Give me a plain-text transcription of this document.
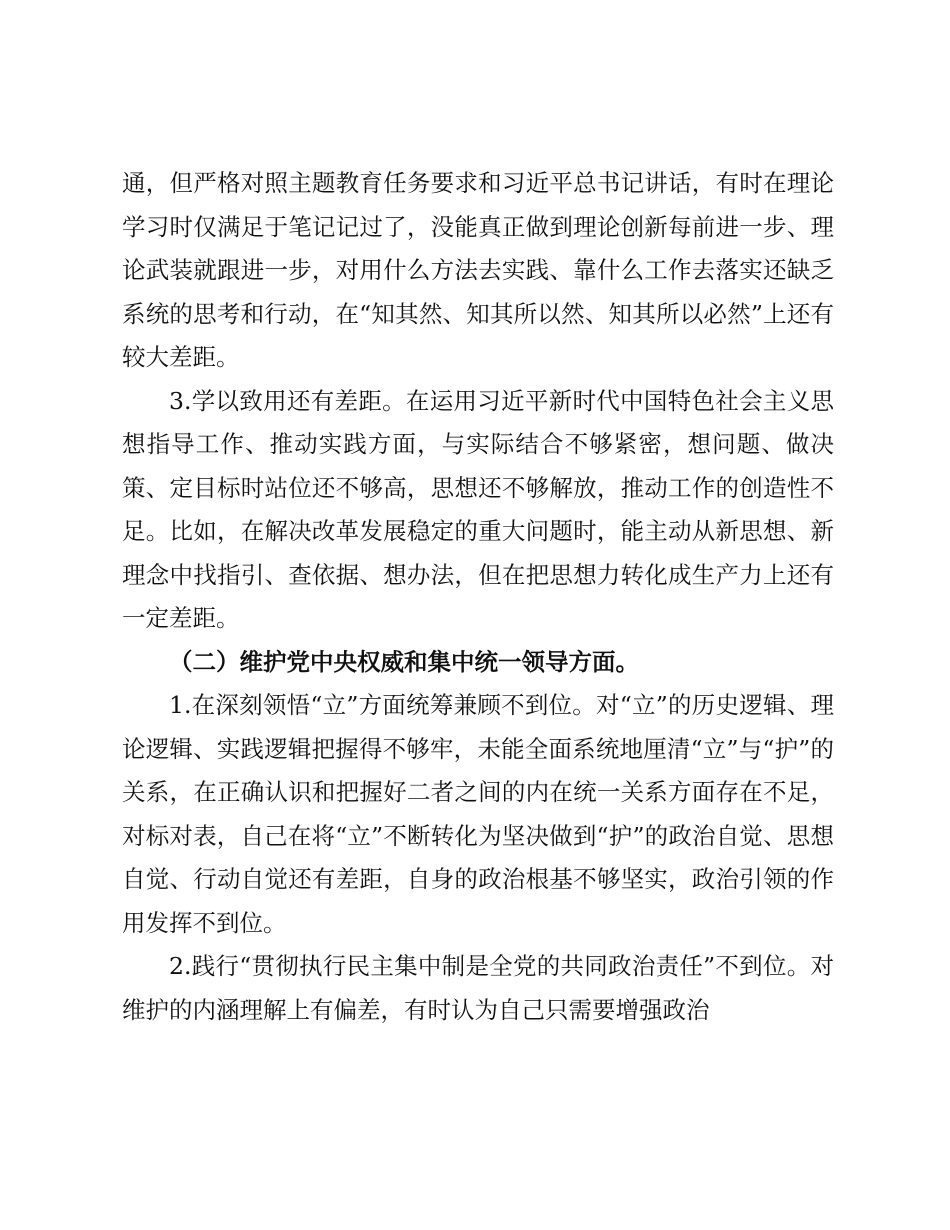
通，但严格对照主题教育任务要求和习近平总书记讲话，有时在理论学习时仅满足于笔记记过了，没能真正做到理论创新每前进一步、理论武装就跟进一步，对用什么方法去实践、靠什么工作去落实还缺乏系统的思考和行动，在“知其然、知其所以然、知其所以必然”上还有较大差距。

3.学以致用还有差距。在运用习近平新时代中国特色社会主义思想指导工作、推动实践方面，与实际结合不够紧密，想问题、做决策、定目标时站位还不够高，思想还不够解放，推动工作的创造性不足。比如，在解决改革发展稳定的重大问题时，能主动从新思想、新理念中找指引、查依据、想办法，但在把思想力转化成生产力上还有一定差距。

（二）维护党中央权威和集中统一领导方面。

1.在深刻领悟“立”方面统筹兼顾不到位。对“立”的历史逻辑、理论逻辑、实践逻辑把握得不够牢，未能全面系统地厘清“立”与“护”的关系，在正确认识和把握好二者之间的内在统一关系方面存在不足，对标对表，自己在将“立”不断转化为坚决做到“护”的政治自觉、思想自觉、行动自觉还有差距，自身的政治根基不够坚实，政治引领的作用发挥不到位。

2.践行“贯彻执行民主集中制是全党的共同政治责任”不到位。对维护的内涵理解上有偏差，有时认为自己只需要增强政治
